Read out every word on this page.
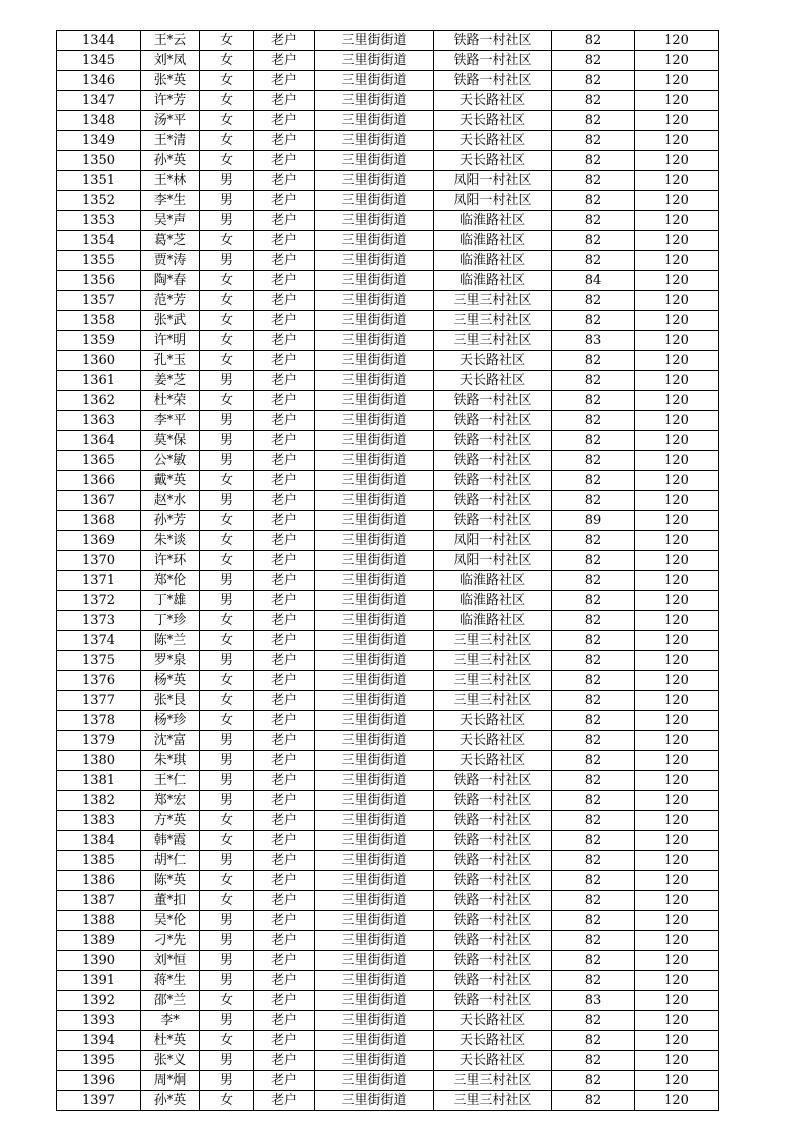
1344	王*云	女	老户	三里街街道	铁路一村社区	82	120
1345	刘*凤	女	老户	三里街街道	铁路一村社区	82	120
1346	张*英	女	老户	三里街街道	铁路一村社区	82	120
1347	许*芳	女	老户	三里街街道	天长路社区	82	120
1348	汤*平	女	老户	三里街街道	天长路社区	82	120
1349	王*清	女	老户	三里街街道	天长路社区	82	120
1350	孙*英	女	老户	三里街街道	天长路社区	82	120
1351	王*林	男	老户	三里街街道	凤阳一村社区	82	120
1352	李*生	男	老户	三里街街道	凤阳一村社区	82	120
1353	吴*声	男	老户	三里街街道	临淮路社区	82	120
1354	葛*芝	女	老户	三里街街道	临淮路社区	82	120
1355	贾*涛	男	老户	三里街街道	临淮路社区	82	120
1356	陶*春	女	老户	三里街街道	临淮路社区	84	120
1357	范*芳	女	老户	三里街街道	三里三村社区	82	120
1358	张*武	女	老户	三里街街道	三里三村社区	82	120
1359	许*明	女	老户	三里街街道	三里三村社区	83	120
1360	孔*玉	女	老户	三里街街道	天长路社区	82	120
1361	姜*芝	男	老户	三里街街道	天长路社区	82	120
1362	杜*荣	女	老户	三里街街道	铁路一村社区	82	120
1363	李*平	男	老户	三里街街道	铁路一村社区	82	120
1364	莫*保	男	老户	三里街街道	铁路一村社区	82	120
1365	公*敏	男	老户	三里街街道	铁路一村社区	82	120
1366	戴*英	女	老户	三里街街道	铁路一村社区	82	120
1367	赵*水	男	老户	三里街街道	铁路一村社区	82	120
1368	孙*芳	女	老户	三里街街道	铁路一村社区	89	120
1369	朱*谈	女	老户	三里街街道	凤阳一村社区	82	120
1370	许*环	女	老户	三里街街道	凤阳一村社区	82	120
1371	郑*伦	男	老户	三里街街道	临淮路社区	82	120
1372	丁*雄	男	老户	三里街街道	临淮路社区	82	120
1373	丁*珍	女	老户	三里街街道	临淮路社区	82	120
1374	陈*兰	女	老户	三里街街道	三里三村社区	82	120
1375	罗*泉	男	老户	三里街街道	三里三村社区	82	120
1376	杨*英	女	老户	三里街街道	三里三村社区	82	120
1377	张*艮	女	老户	三里街街道	三里三村社区	82	120
1378	杨*珍	女	老户	三里街街道	天长路社区	82	120
1379	沈*富	男	老户	三里街街道	天长路社区	82	120
1380	朱*琪	男	老户	三里街街道	天长路社区	82	120
1381	王*仁	男	老户	三里街街道	铁路一村社区	82	120
1382	郑*宏	男	老户	三里街街道	铁路一村社区	82	120
1383	方*英	女	老户	三里街街道	铁路一村社区	82	120
1384	韩*霞	女	老户	三里街街道	铁路一村社区	82	120
1385	胡*仁	男	老户	三里街街道	铁路一村社区	82	120
1386	陈*英	女	老户	三里街街道	铁路一村社区	82	120
1387	董*扣	女	老户	三里街街道	铁路一村社区	82	120
1388	吴*伦	男	老户	三里街街道	铁路一村社区	82	120
1389	刁*先	男	老户	三里街街道	铁路一村社区	82	120
1390	刘*恒	男	老户	三里街街道	铁路一村社区	82	120
1391	蒋*生	男	老户	三里街街道	铁路一村社区	82	120
1392	邵*兰	女	老户	三里街街道	铁路一村社区	83	120
1393	李*	男	老户	三里街街道	天长路社区	82	120
1394	杜*英	女	老户	三里街街道	天长路社区	82	120
1395	张*义	男	老户	三里街街道	天长路社区	82	120
1396	周*炯	男	老户	三里街街道	三里三村社区	82	120
1397	孙*英	女	老户	三里街街道	三里三村社区	82	120
